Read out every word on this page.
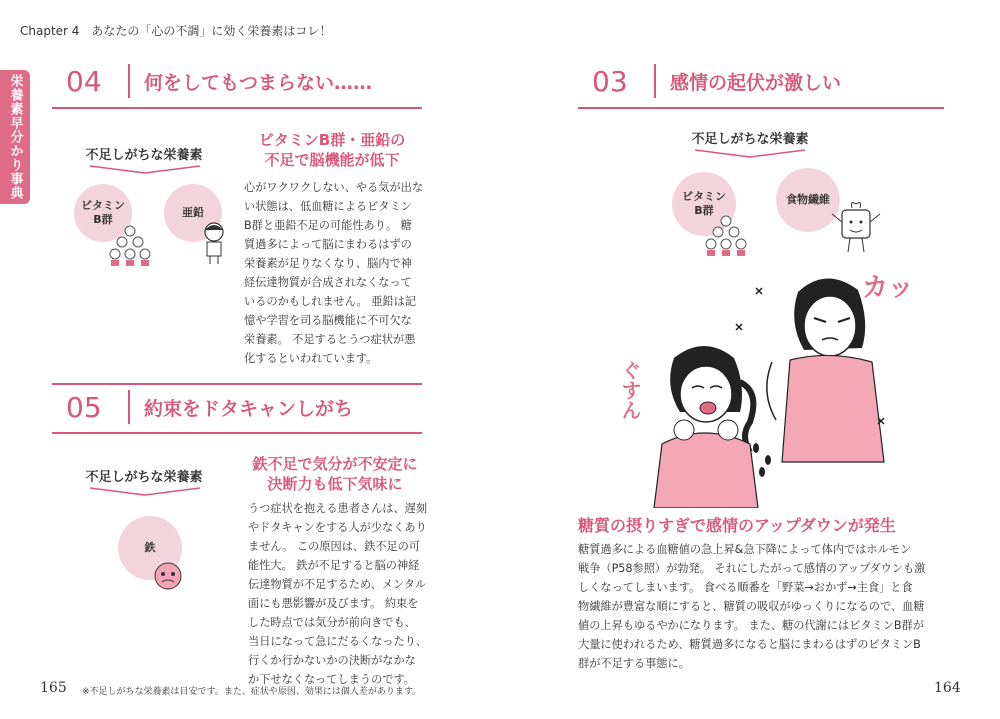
Chapter 4　あなたの「心の不調」に効く栄養素はコレ！
栄養素早分かり事典 04	何をしてもつまらない……
不足しがちな栄養素
ビタミン
B群
亜鉛
ビタミンB群・亜鉛の
不足で脳機能が低下
心がワクワクしない、やる気が出な
い状態は、低血糖によるビタミン
B群と亜鉛不足の可能性あり。 糖
質過多によって脳にまわるはずの
栄養素が足りなくなり、脳内で神
経伝達物質が合成されなくなって
いるのかもしれません。 亜鉛は記
憶や学習を司る脳機能に不可欠な
栄養素。 不足するとうつ症状が悪
化するといわれています。
05	約束をドタキャンしがち
不足しがちな栄養素
鉄
鉄不足で気分が不安定に
決断力も低下気味に
うつ症状を抱える患者さんは、遅刻
やドタキャンをする人が少なくあり
ません。 この原因は、鉄不足の可
能性大。 鉄が不足すると脳の神経
伝達物質が不足するため、メンタル
面にも悪影響が及びます。 約束を
した時点では気分が前向きでも、
当日になって急にだるくなったり、
行くか行かないかの決断がなかな
か下せなくなってしまうのです。
03	感情の起伏が激しい
不足しがちな栄養素
ビタミン
B群
食物繊維
カッ
ぐすん
糖質の摂りすぎで感情のアップダウンが発生
糖質過多による血糖値の急上昇&急下降によって体内ではホルモン
戦争（P58参照）が勃発。 それにしたがって感情のアップダウンも激
しくなってしまいます。 食べる順番を「野菜→おかず→主食」と食
物繊維が豊富な順にすると、糖質の吸収がゆっくりになるので、血糖
値の上昇もゆるやかになります。 また、糖の代謝にはビタミンB群が
大量に使われるため、糖質過多になると脳にまわるはずのビタミンB
群が不足する事態に。
165 ※不足しがちな栄養素は目安です。また、症状や原因、効果には個人差があります。	164
